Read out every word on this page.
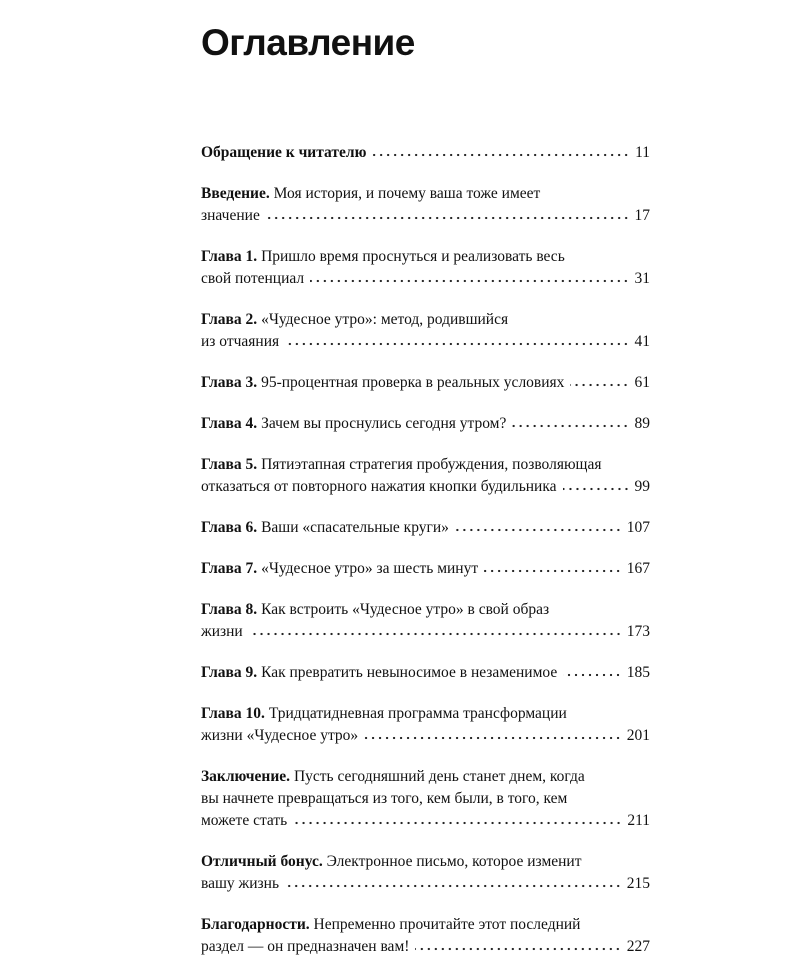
Оглавление
Обращение к читателю	11
Введение. Моя история, и почему ваша тоже имеет
значение	17
Глава 1. Пришло время проснуться и реализовать весь
свой потенциал	31
Глава 2. «Чудесное утро»: метод, родившийся
из отчаяния	41
Глава 3. 95-процентная проверка в реальных условиях	61
Глава 4. Зачем вы проснулись сегодня утром?	89
Глава 5. Пятиэтапная стратегия пробуждения, позволяющая
отказаться от повторного нажатия кнопки будильника	99
Глава 6. Ваши «спасательные круги»	107
Глава 7. «Чудесное утро» за шесть минут	167
Глава 8. Как встроить «Чудесное утро» в свой образ
жизни	173
Глава 9. Как превратить невыносимое в незаменимое	185
Глава 10. Тридцатидневная программа трансформации
жизни «Чудесное утро»	201
Заключение. Пусть сегодняшний день станет днем, когда
вы начнете превращаться из того, кем были, в того, кем
можете стать	211
Отличный бонус. Электронное письмо, которое изменит
вашу жизнь	215
Благодарности. Непременно прочитайте этот последний
раздел — он предназначен вам!	227
